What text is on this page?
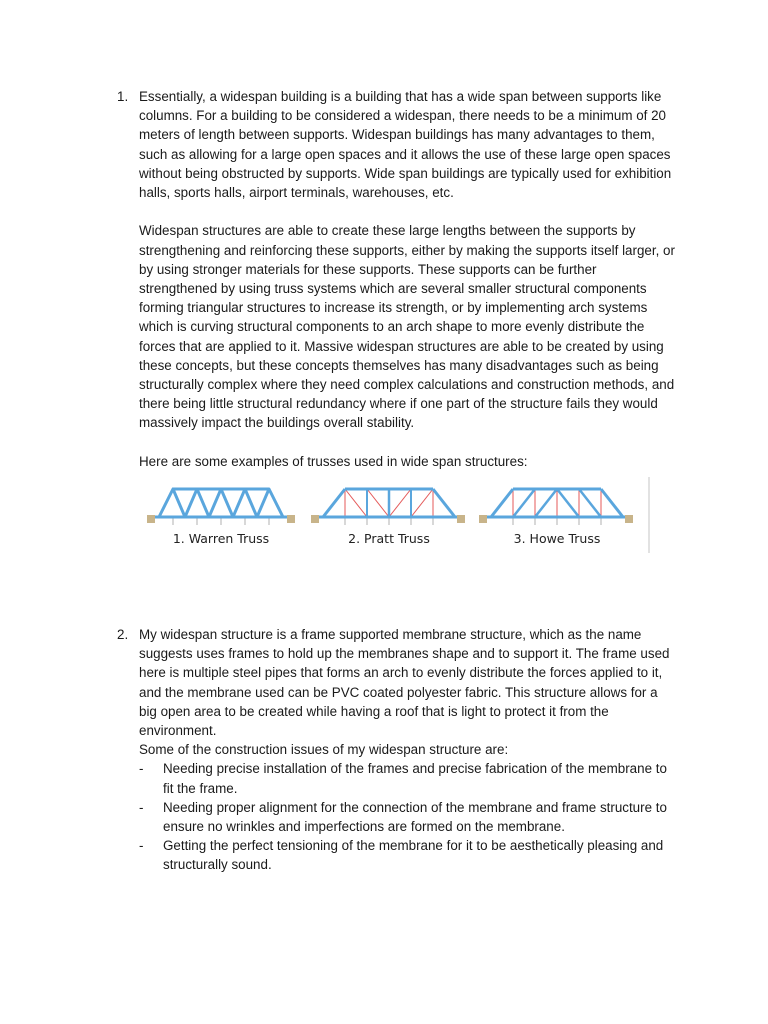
1. Essentially, a widespan building is a building that has a wide span between supports like columns. For a building to be considered a widespan, there needs to be a minimum of 20 meters of length between supports. Widespan buildings has many advantages to them, such as allowing for a large open spaces and it allows the use of these large open spaces without being obstructed by supports. Wide span buildings are typically used for exhibition halls, sports halls, airport terminals, warehouses, etc.

Widespan structures are able to create these large lengths between the supports by strengthening and reinforcing these supports, either by making the supports itself larger, or by using stronger materials for these supports. These supports can be further strengthened by using truss systems which are several smaller structural components forming triangular structures to increase its strength, or by implementing arch systems which is curving structural components to an arch shape to more evenly distribute the forces that are applied to it. Massive widespan structures are able to be created by using these concepts, but these concepts themselves has many disadvantages such as being structurally complex where they need complex calculations and construction methods, and there being little structural redundancy where if one part of the structure fails they would massively impact the buildings overall stability.

Here are some examples of trusses used in wide span structures:

1. Warren Truss	2. Pratt Truss	3. Howe Truss
2. My widespan structure is a frame supported membrane structure, which as the name suggests uses frames to hold up the membranes shape and to support it. The frame used here is multiple steel pipes that forms an arch to evenly distribute the forces applied to it, and the membrane used can be PVC coated polyester fabric. This structure allows for a big open area to be created while having a roof that is light to protect it from the environment.

Some of the construction issues of my widespan structure are:

- Needing precise installation of the frames and precise fabrication of the membrane to fit the frame.
- Needing proper alignment for the connection of the membrane and frame structure to ensure no wrinkles and imperfections are formed on the membrane.
- Getting the perfect tensioning of the membrane for it to be aesthetically pleasing and structurally sound.
